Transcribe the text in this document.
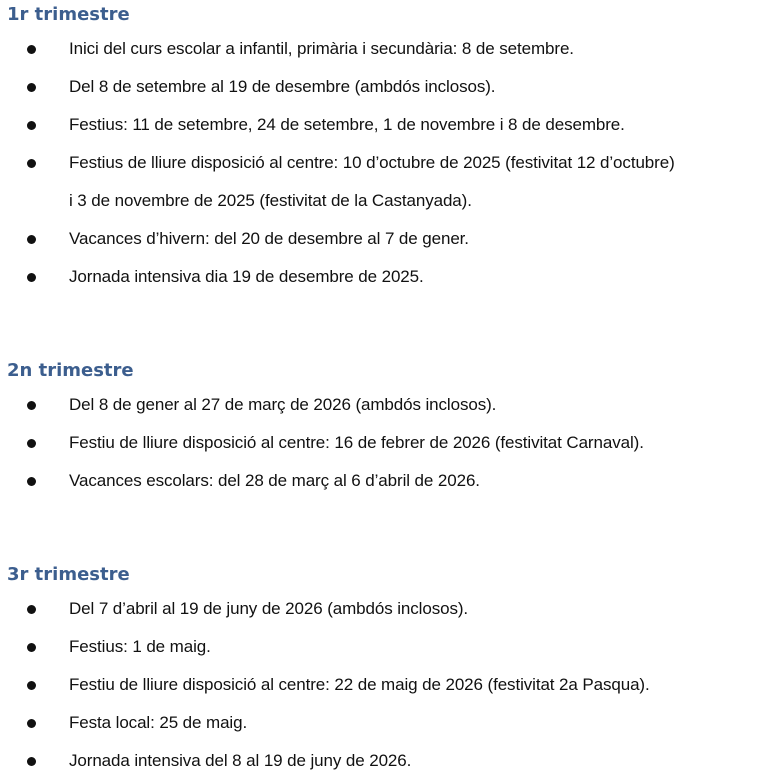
1r trimestre
Inici del curs escolar a infantil, primària i secundària: 8 de setembre.
Del 8 de setembre al 19 de desembre (ambdós inclosos).
Festius: 11 de setembre, 24 de setembre, 1 de novembre i 8 de desembre.
Festius de lliure disposició al centre: 10 d’octubre de 2025 (festivitat 12 d’octubre)
i 3 de novembre de 2025 (festivitat de la Castanyada).
Vacances d’hivern: del 20 de desembre al 7 de gener.
Jornada intensiva dia 19 de desembre de 2025.
2n trimestre
Del 8 de gener al 27 de març de 2026 (ambdós inclosos).
Festiu de lliure disposició al centre: 16 de febrer de 2026 (festivitat Carnaval).
Vacances escolars: del 28 de març al 6 d’abril de 2026.
3r trimestre
Del 7 d’abril al 19 de juny de 2026 (ambdós inclosos).
Festius: 1 de maig.
Festiu de lliure disposició al centre: 22 de maig de 2026 (festivitat 2a Pasqua).
Festa local: 25 de maig.
Jornada intensiva del 8 al 19 de juny de 2026.
